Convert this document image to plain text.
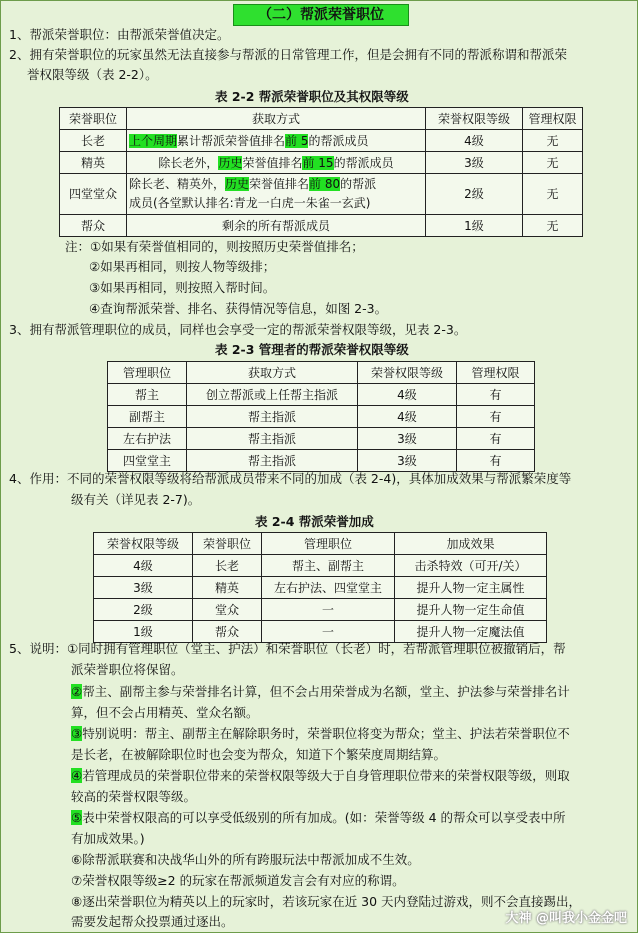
（二）帮派荣誉职位
1、帮派荣誉职位：由帮派荣誉值决定。
2、拥有荣誉职位的玩家虽然无法直接参与帮派的日常管理工作，但是会拥有不同的帮派称谓和帮派荣
誉权限等级（表 2-2）。
表 2-2 帮派荣誉职位及其权限等级
荣誉职位	获取方式	荣誉权限等级	管理权限
长老	上个周期累计帮派荣誉值排名前 5的帮派成员	4级	无
精英	除长老外，历史荣誉值排名前 15的帮派成员	3级	无
四堂堂众	除长老、精英外，历史荣誉值排名前 80的帮派
成员(各堂默认排名:青龙一白虎一朱雀一玄武)	2级	无
帮众	剩余的所有帮派成员	1级	无
注：①如果有荣誉值相同的，则按照历史荣誉值排名；
②如果再相同，则按人物等级排；
③如果再相同，则按照入帮时间。
④查询帮派荣誉、排名、获得情况等信息，如图 2-3。
3、拥有帮派管理职位的成员，同样也会享受一定的帮派荣誉权限等级，见表 2-3。
表 2-3 管理者的帮派荣誉权限等级
管理职位	获取方式	荣誉权限等级	管理权限
帮主	创立帮派或上任帮主指派	4级	有
副帮主	帮主指派	4级	有
左右护法	帮主指派	3级	有
四堂堂主	帮主指派	3级	有
4、作用：不同的荣誉权限等级将给帮派成员带来不同的加成（表 2-4)，具体加成效果与帮派繁荣度等
级有关（详见表 2-7)。
表 2-4 帮派荣誉加成
荣誉权限等级	荣誉职位	管理职位	加成效果
4级	长老	帮主、副帮主	击杀特效（可开/关）
3级	精英	左右护法、四堂堂主	提升人物一定主属性
2级	堂众	一	提升人物一定生命值
1级	帮众	一	提升人物一定魔法值
5、说明：①同时拥有管理职位（堂主、护法）和荣誉职位（长老）时，若帮派管理职位被撤销后，帮
派荣誉职位将保留。
②帮主、副帮主参与荣誉排名计算，但不会占用荣誉成为名额，堂主、护法参与荣誉排名计
算，但不会占用精英、堂众名额。
③特别说明：帮主、副帮主在解除职务时，荣誉职位将变为帮众；堂主、护法若荣誉职位不
是长老，在被解除职位时也会变为帮众，知道下个繁荣度周期结算。
④若管理成员的荣誉职位带来的荣誉权限等级大于自身管理职位带来的荣誉权限等级，则取
较高的荣誉权限等级。
⑤表中荣誉权限高的可以享受低级别的所有加成。(如：荣誉等级 4 的帮众可以享受表中所
有加成效果。)
⑥除帮派联赛和决战华山外的所有跨服玩法中帮派加成不生效。
⑦荣誉权限等级≥2 的玩家在帮派频道发言会有对应的称谓。
⑧逐出荣誉职位为精英以上的玩家时，若该玩家在近 30 天内登陆过游戏，则不会直接踢出，
需要发起帮众投票通过逐出。	大神 @叫我小金金吧
